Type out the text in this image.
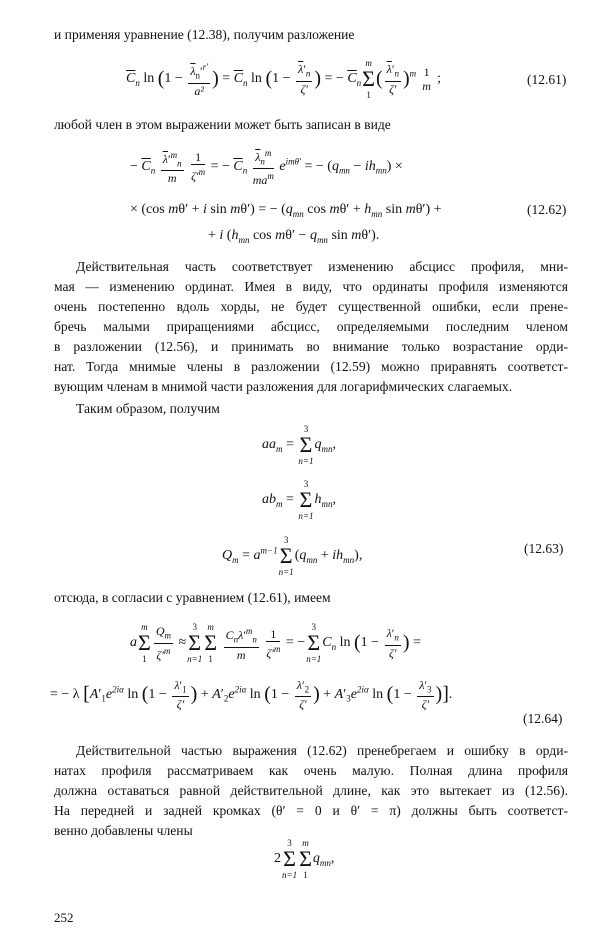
и применяя уравнение (12.38), получим разложение
$\overline{C}_n$ $\ln (1 - \frac{\overline{\lambda}_n'^{r'}}{\text{a²}}$ ) = $\overline{C}_n$ $\ln (1 - \frac{\overline{\lambda}'_n}{\zeta'}$ ) = − $\overline{C}_n$
m
Σ
1
( $\frac{\overline{\lambda}'_n}{\zeta'} )^m$ 1
m ;	(12.61)
любой член в этом выражении может быть записан в виде
− $\overline{C}_n \frac{\overline{\lambda}'^m_n}{m}$
$\frac{1}{\zeta'^m}$ = − $\overline{C}_n \frac{\overline{\lambda}_n^m}{ma^m} e^{im\theta'}$ = − $(q_{mn} - ih_{mn})$ ×
× (cos mθ′ + i sin mθ′) = − ($q_{mn}$ $\cos m\theta' + h_{mn}$ sin mθ′) +	(12.62)
+ i ($h_{mn}$ $\cos m\theta' - q_{mn}$ sin mθ′).
Действительная часть соответствует изменению абсцисс профиля, мни-
мая — изменению ординат. Имея в виду, что ординаты профиля изменяются
очень постепенно вдоль хорды, не будет существенной ошибки, если прене-
бречь малыми приращениями абсцисс, определяемыми последним членом
в разложении (12.56), и принимать во внимание только возрастание орди-
нат. Тогда мнимые члены в разложении (12.59) можно приравнять соответст-
вующим членам в мнимой части разложения для логарифмических слагаемых.
Таким образом, получим
$aa_m$ =
3
Σ
n=1
$q_{mn}$,
$ab_m$ =
3
Σ
n=1
$h_{mn}$,
$Q_m = a^{m-1}$
3
Σ
n=1
$(q_{mn} + ih_{mn})$,	(12.63)
отсюда, в согласии с уравнением (12.61), имеем
a
m
Σ
$1 \frac{Q_m}{\zeta'^m}$ ≈
3
Σ
n=1
m
Σ
1
$\frac{C_n\lambda'^m_n}{m}$
$\frac{1}{\zeta'^m}$ = −
3
Σ
n=1
$C_n$ $\ln (1 - \frac{\lambda'_n}{\zeta'}$ ) =
= − λ [$A'_1e^{2i\alpha}$ $\ln (1 - \frac{\lambda'_1}{\zeta'}$ ) + $A'_2e^{2i\alpha}$ $\ln (1 - \frac{\lambda'_2}{\zeta'}$ ) + $A'_3e^{2i\alpha}$ $\ln (1 - \frac{\lambda'_3}{\zeta'}$ )].
(12.64)
Действительной частью выражения (12.62) пренебрегаем и ошибку в орди-
натах профиля рассматриваем как очень малую. Полная длина профиля
должна оставаться равной действительной длине, как это вытекает из (12.56).
На передней и задней кромках (θ′ = 0 и θ′ = π) должны быть соответст-
венно добавлены члены
2
3
Σ
n=1
m
Σ
1
$q_{mn}$,
252
